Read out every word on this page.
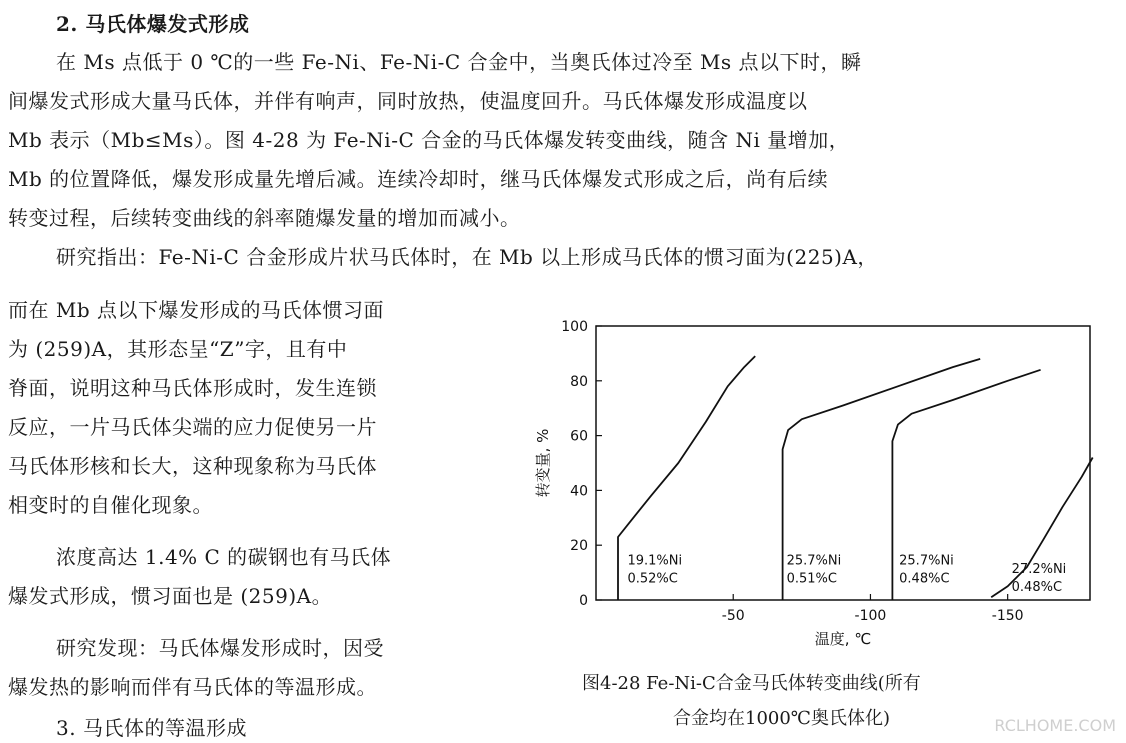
2. 马氏体爆发式形成
在 Ms 点低于 0 ℃的一些 Fe-Ni、Fe-Ni-C 合金中，当奥氏体过冷至 Ms 点以下时，瞬
间爆发式形成大量马氏体，并伴有响声，同时放热，使温度回升。马氏体爆发形成温度以
Mb 表示（Mb≤Ms）。图 4-28 为 Fe-Ni-C 合金的马氏体爆发转变曲线，随含 Ni 量增加，
Mb 的位置降低，爆发形成量先增后减。连续冷却时，继马氏体爆发式形成之后，尚有后续
转变过程，后续转变曲线的斜率随爆发量的增加而减小。
研究指出：Fe-Ni-C 合金形成片状马氏体时，在 Mb 以上形成马氏体的惯习面为(225)A，
而在 Mb 点以下爆发形成的马氏体惯习面
为 (259)A，其形态呈“Z”字，且有中
脊面，说明这种马氏体形成时，发生连锁
反应，一片马氏体尖端的应力促使另一片
马氏体形核和长大，这种现象称为马氏体
相变时的自催化现象。
浓度高达 1.4% C 的碳钢也有马氏体
爆发式形成，惯习面也是 (259)A。
研究发现：马氏体爆发形成时，因受
爆发热的影响而伴有马氏体的等温形成。
3. 马氏体的等温形成
0
20
40
60
80
100
-50	-100	-150
温度, ℃
转变量, %
19.1%Ni
0.52%C
25.7%Ni
0.51%C
25.7%Ni
0.48%C
27.2%Ni
0.48%C
图4-28 Fe-Ni-C合金马氏体转变曲线(所有
合金均在1000℃奥氏体化)	RCLHOME.COM
